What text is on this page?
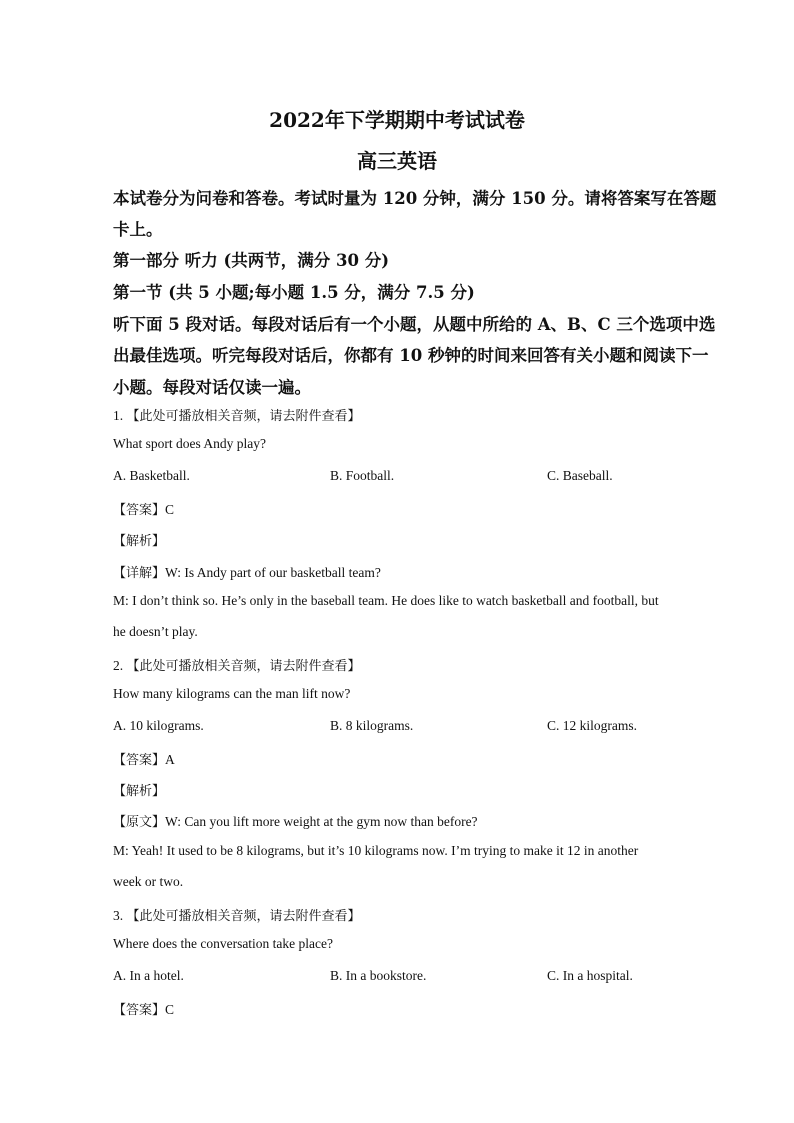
2022年下学期期中考试试卷
高三英语
本试卷分为问卷和答卷。考试时量为 120 分钟，满分 150 分。请将答案写在答题
卡上。
第一部分 听力 (共两节，满分 30 分)
第一节 (共 5 小题;每小题 1.5 分，满分 7.5 分)
听下面 5 段对话。每段对话后有一个小题，从题中所给的 A、B、C 三个选项中选
出最佳选项。听完每段对话后，你都有 10 秒钟的时间来回答有关小题和阅读下一
小题。每段对话仅读一遍。
1. 【此处可播放相关音频，请去附件查看】
What sport does Andy play?
A. Basketball.	B. Football.	C. Baseball.
【答案】C
【解析】
【详解】W: Is Andy part of our basketball team?
M: I don’t think so. He’s only in the baseball team. He does like to watch basketball and football, but
he doesn’t play.
2. 【此处可播放相关音频，请去附件查看】
How many kilograms can the man lift now?
A. 10 kilograms.	B. 8 kilograms.	C. 12 kilograms.
【答案】A
【解析】
【原文】W: Can you lift more weight at the gym now than before?
M: Yeah! It used to be 8 kilograms, but it’s 10 kilograms now. I’m trying to make it 12 in another
week or two.
3. 【此处可播放相关音频，请去附件查看】
Where does the conversation take place?
A. In a hotel.	B. In a bookstore.	C. In a hospital.
【答案】C
